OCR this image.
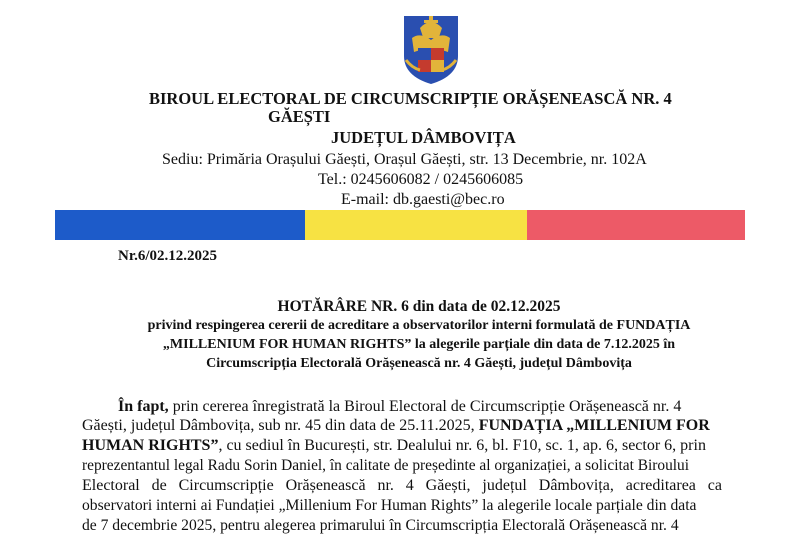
BIROUL ELECTORAL DE CIRCUMSCRIPȚIE ORĂȘENEASCĂ NR. 4
GĂEȘTI
JUDEȚUL DÂMBOVIȚA
Sediu: Primăria Orașului Găești, Orașul Găești, str. 13 Decembrie, nr. 102A
Tel.: 0245606082 / 0245606085
E-mail: db.gaesti@bec.ro
Nr.6/02.12.2025
HOTĂRÂRE NR. 6 din data de 02.12.2025
privind respingerea cererii de acreditare a observatorilor interni formulată de FUNDAȚIA
„MILLENIUM FOR HUMAN RIGHTS” la alegerile parțiale din data de 7.12.2025 în
Circumscripția Electorală Orășenească nr. 4 Găești, județul Dâmbovița
În fapt, prin cererea înregistrată la Biroul Electoral de Circumscripție Orășenească nr. 4
Găești, județul Dâmbovița, sub nr. 45 din data de 25.11.2025, FUNDAȚIA „MILLENIUM FOR
HUMAN RIGHTS”, cu sediul în București, str. Dealului nr. 6, bl. F10, sc. 1, ap. 6, sector 6, prin
reprezentantul legal Radu Sorin Daniel, în calitate de președinte al organizației, a solicitat Biroului
Electoral de Circumscripție Orășenească nr. 4 Găești, județul Dâmbovița, acreditarea ca
observatori interni ai Fundației „Millenium For Human Rights” la alegerile locale parțiale din data
de 7 decembrie 2025, pentru alegerea primarului în Circumscripția Electorală Orășenească nr. 4
